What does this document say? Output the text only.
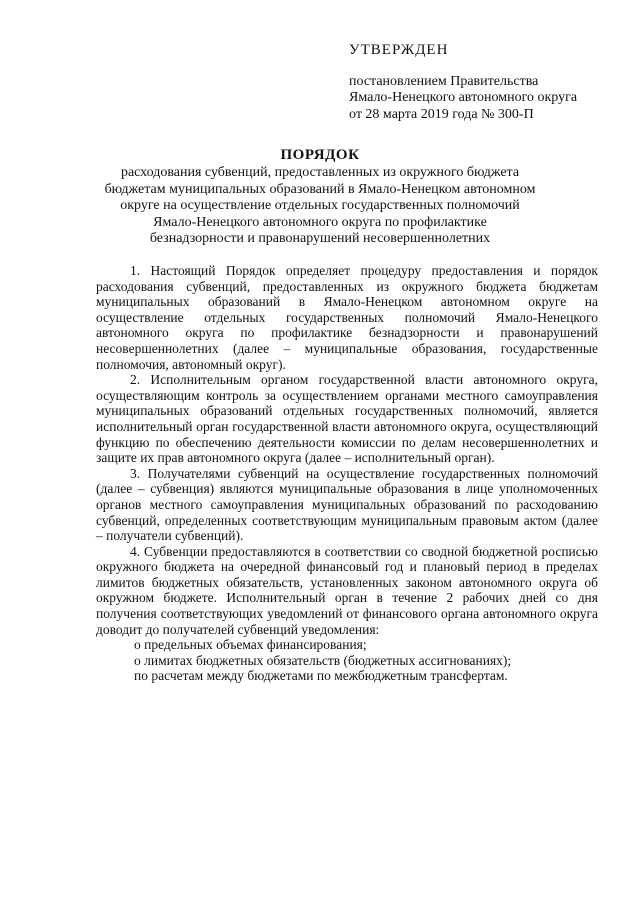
УТВЕРЖДЕН
постановлением Правительства
Ямало-Ненецкого автономного округа
от 28 марта 2019 года № 300-П
ПОРЯДОК
расходования субвенций, предоставленных из окружного бюджета
бюджетам муниципальных образований в Ямало-Ненецком автономном
округе на осуществление отдельных государственных полномочий
Ямало-Ненецкого автономного округа по профилактике
безнадзорности и правонарушений несовершеннолетних

1. Настоящий Порядок определяет процедуру предоставления и порядок расходования субвенций, предоставленных из окружного бюджета бюджетам муниципальных образований в Ямало-Ненецком автономном округе на осуществление отдельных государственных полномочий Ямало-Ненецкого автономного округа по профилактике безнадзорности и правонарушений несовершеннолетних (далее – муниципальные образования, государственные полномочия, автономный округ).

2. Исполнительным органом государственной власти автономного округа, осуществляющим контроль за осуществлением органами местного самоуправления муниципальных образований отдельных государственных полномочий, является исполнительный орган государственной власти автономного округа, осуществляющий функцию по обеспечению деятельности комиссии по делам несовершеннолетних и защите их прав автономного округа (далее – исполнительный орган).

3. Получателями субвенций на осуществление государственных полномочий (далее – субвенция) являются муниципальные образования в лице уполномоченных органов местного самоуправления муниципальных образований по расходованию субвенций, определенных соответствующим муниципальным правовым актом (далее – получатели субвенций).

4. Субвенции предоставляются в соответствии со сводной бюджетной росписью окружного бюджета на очередной финансовый год и плановый период в пределах лимитов бюджетных обязательств, установленных законом автономного округа об окружном бюджете. Исполнительный орган в течение 2 рабочих дней со дня получения соответствующих уведомлений от финансового органа автономного округа доводит до получателей субвенций уведомления:

о предельных объемах финансирования;

о лимитах бюджетных обязательств (бюджетных ассигнованиях);

по расчетам между бюджетами по межбюджетным трансфертам.
